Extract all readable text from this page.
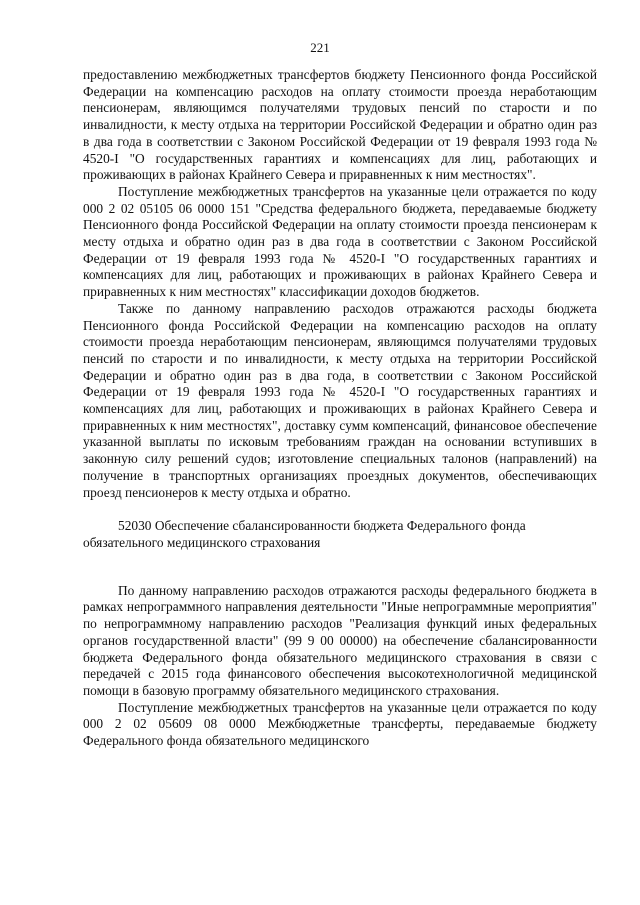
221

предоставлению межбюджетных трансфертов бюджету Пенсионного фонда Российской Федерации на компенсацию расходов на оплату стоимости проезда неработающим пенсионерам, являющимся получателями трудовых пенсий по старости и по инвалидности, к месту отдыха на территории Российской Федерации и обратно один раз в два года в соответствии с Законом Российской Федерации от 19 февраля 1993 года № 4520-I "О государственных гарантиях и компенсациях для лиц, работающих и проживающих в районах Крайнего Севера и приравненных к ним местностях".

Поступление межбюджетных трансфертов на указанные цели отражается по коду 000 2 02 05105 06 0000 151 "Средства федерального бюджета, передаваемые бюджету Пенсионного фонда Российской Федерации на оплату стоимости проезда пенсионерам к месту отдыха и обратно один раз в два года в соответствии с Законом Российской Федерации от 19 февраля 1993 года № 4520-I "О государственных гарантиях и компенсациях для лиц, работающих и проживающих в районах Крайнего Севера и приравненных к ним местностях" классификации доходов бюджетов.

Также по данному направлению расходов отражаются расходы бюджета Пенсионного фонда Российской Федерации на компенсацию расходов на оплату стоимости проезда неработающим пенсионерам, являющимся получателями трудовых пенсий по старости и по инвалидности, к месту отдыха на территории Российской Федерации и обратно один раз в два года, в соответствии с Законом Российской Федерации от 19 февраля 1993 года № 4520-I "О государственных гарантиях и компенсациях для лиц, работающих и проживающих в районах Крайнего Севера и приравненных к ним местностях", доставку сумм компенсаций, финансовое обеспечение указанной выплаты по исковым требованиям граждан на основании вступивших в законную силу решений судов; изготовление специальных талонов (направлений) на получение в транспортных организациях проездных документов, обеспечивающих проезд пенсионеров к месту отдыха и обратно.

52030 Обеспечение сбалансированности бюджета Федерального фонда обязательного медицинского страхования

По данному направлению расходов отражаются расходы федерального бюджета в рамках непрограммного направления деятельности "Иные непрограммные мероприятия" по непрограммному направлению расходов "Реализация функций иных федеральных органов государственной власти" (99 9 00 00000) на обеспечение сбалансированности бюджета Федерального фонда обязательного медицинского страхования в связи с передачей с 2015 года финансового обеспечения высокотехнологичной медицинской помощи в базовую программу обязательного медицинского страхования.

Поступление межбюджетных трансфертов на указанные цели отражается по коду 000 2 02 05609 08 0000 Межбюджетные трансферты, передаваемые бюджету Федерального фонда обязательного медицинского
